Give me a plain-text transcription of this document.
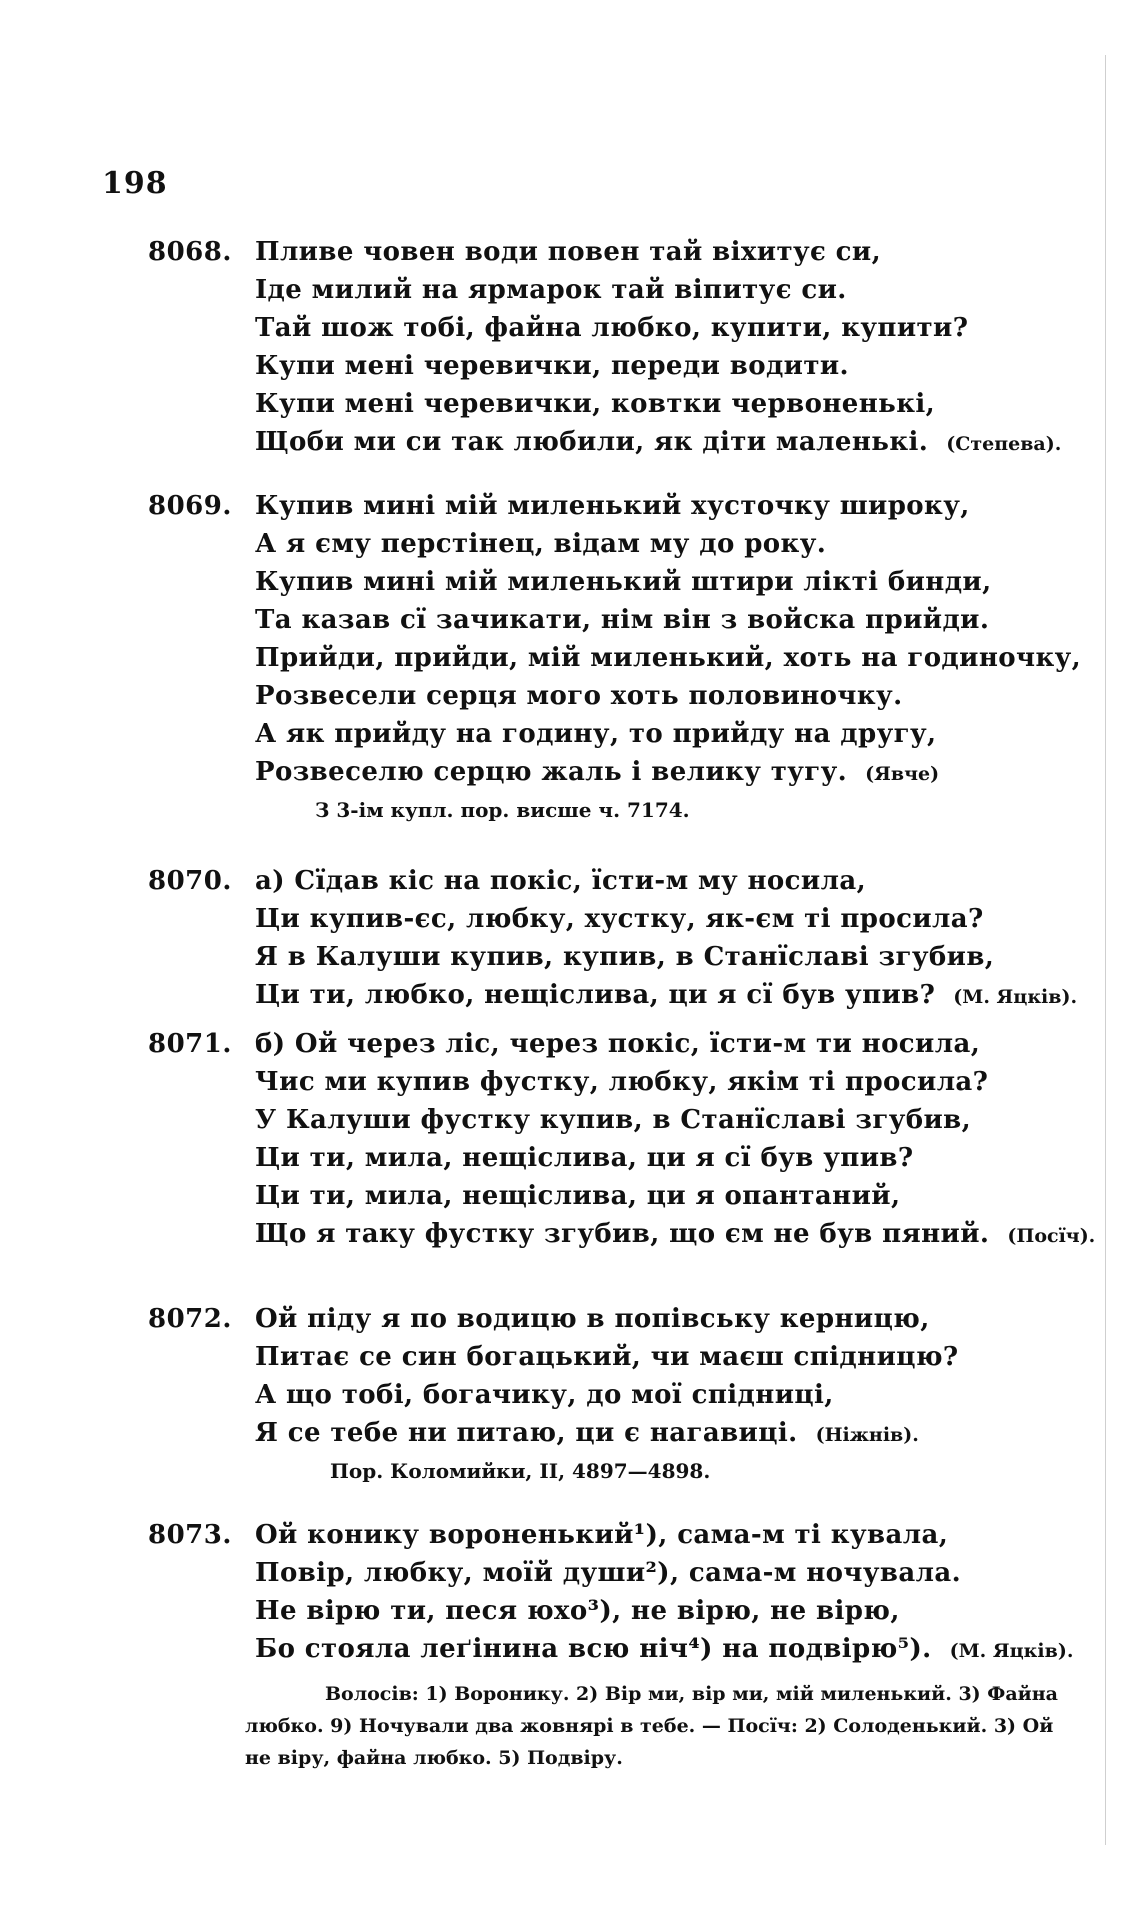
198
8068. Пливе човен води повен тай віхитує си,
Іде милий на ярмарок тай віпитує си.
Тай шож тобі, файна любко, купити, купити?
Купи мені черевички, переди водити.
Купи мені черевички, ковтки червоненькі,
Щоби ми си так любили, як діти маленькі. (Степева).
8069. Купив мині мій миленький хусточку широку,
А я єму перстінец, відам му до року.
Купив мині мій миленький штири лікті бинди,
Та казав сї зачикати, нім він з войска прийди.
Прийди, прийди, мій миленький, хоть на годиночку,
Розвесели серця мого хоть половиночку.
А як прийду на годину, то прийду на другу,
Розвеселю серцю жаль і велику тугу. (Явче)
З 3-ім купл. пор. висше ч. 7174.
8070. а) Сїдав кіс на покіс, їсти-м му носила,
Ци купив-єс, любку, хустку, як-єм ті просила?
Я в Калуши купив, купив, в Станїславі згубив,
Ци ти, любко, нещіслива, ци я сї був упив? (М. Яцків).
8071. б) Ой через ліс, через покіс, їсти-м ти носила,
Чис ми купив фустку, любку, якім ті просила?
У Калуши фустку купив, в Станїславі згубив,
Ци ти, мила, нещіслива, ци я сї був упив?
Ци ти, мила, нещіслива, ци я опантаний,
Що я таку фустку згубив, що єм не був пяний. (Посїч).
8072. Ой піду я по водицю в попівську керницю,
Питає се син богацький, чи маєш спідницю?
А що тобі, богачику, до мої спідниці,
Я се тебе ни питаю, ци є нагавиці. (Ніжнів).
Пор. Коломийки, II, 4897—4898.
8073. Ой конику вороненький¹), сама-м ті кувала,
Повір, любку, моїй души²), сама-м ночувала.
Не вірю ти, песя юхо³), не вірю, не вірю,
Бо стояла леґінина всю ніч⁴) на подвірю⁵). (М. Яцків).
Волосів: 1) Воронику. 2) Вір ми, вір ми, мій миленький. 3) Файна
любко. 9) Ночували два жовнярі в тебе. — Посїч: 2) Солоденький. 3) Ой
не віру, файна любко. 5) Подвіру.
